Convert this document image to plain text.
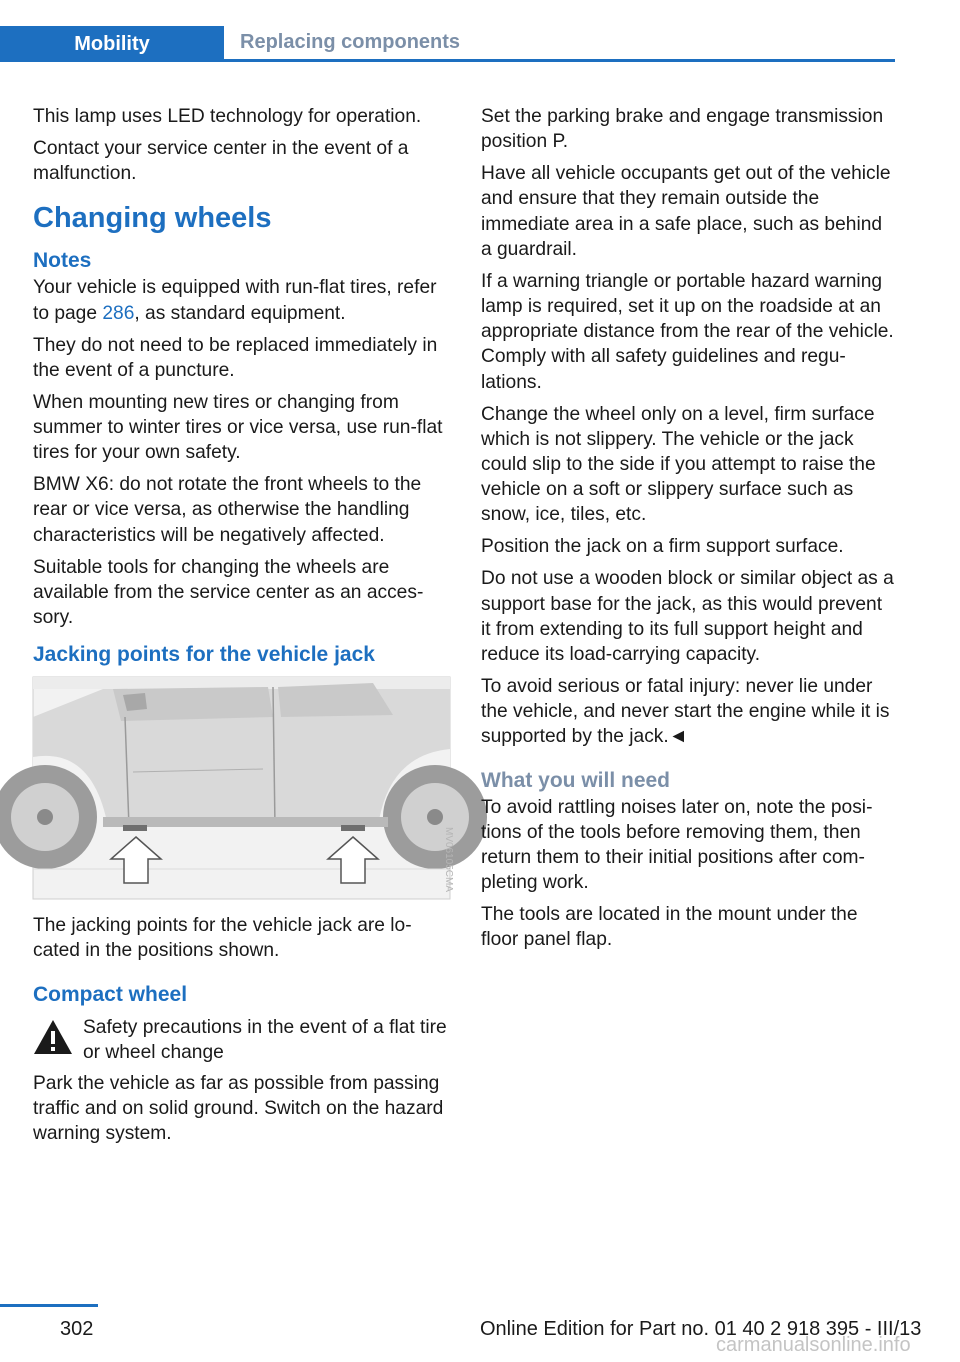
Mobility	Replacing components

This lamp uses LED technology for operation.

Contact your service center in the event of a malfunction.

Changing wheels
Notes

Your vehicle is equipped with run-flat tires, refer to page 286, as standard equipment.

They do not need to be replaced immediately in the event of a puncture.

When mounting new tires or changing from summer to winter tires or vice versa, use run-flat tires for your own safety.

BMW X6: do not rotate the front wheels to the rear or vice versa, as otherwise the handling characteristics will be negatively affected.

Suitable tools for changing the wheels are available from the service center as an accessory.

Jacking points for the vehicle jack
MV06105CMA

The jacking points for the vehicle jack are located in the positions shown.

Compact wheel
Safety precautions in the event of a flat tire or wheel change

Park the vehicle as far as possible from passing traffic and on solid ground. Switch on the hazard warning system.

Set the parking brake and engage transmission position P.

Have all vehicle occupants get out of the vehicle and ensure that they remain outside the immediate area in a safe place, such as behind a guardrail.

If a warning triangle or portable hazard warning lamp is required, set it up on the roadside at an appropriate distance from the rear of the vehicle. Comply with all safety guidelines and regulations.

Change the wheel only on a level, firm surface which is not slippery. The vehicle or the jack could slip to the side if you attempt to raise the vehicle on a soft or slippery surface such as snow, ice, tiles, etc.

Position the jack on a firm support surface.

Do not use a wooden block or similar object as a support base for the jack, as this would prevent it from extending to its full support height and reduce its load-carrying capacity.

To avoid serious or fatal injury: never lie under the vehicle, and never start the engine while it is supported by the jack.◄

What you will need

To avoid rattling noises later on, note the positions of the tools before removing them, then return them to their initial positions after completing work.

The tools are located in the mount under the floor panel flap.

302	Online Edition for Part no. 01 40 2 918 395 - III/13
carmanualsonline.info
